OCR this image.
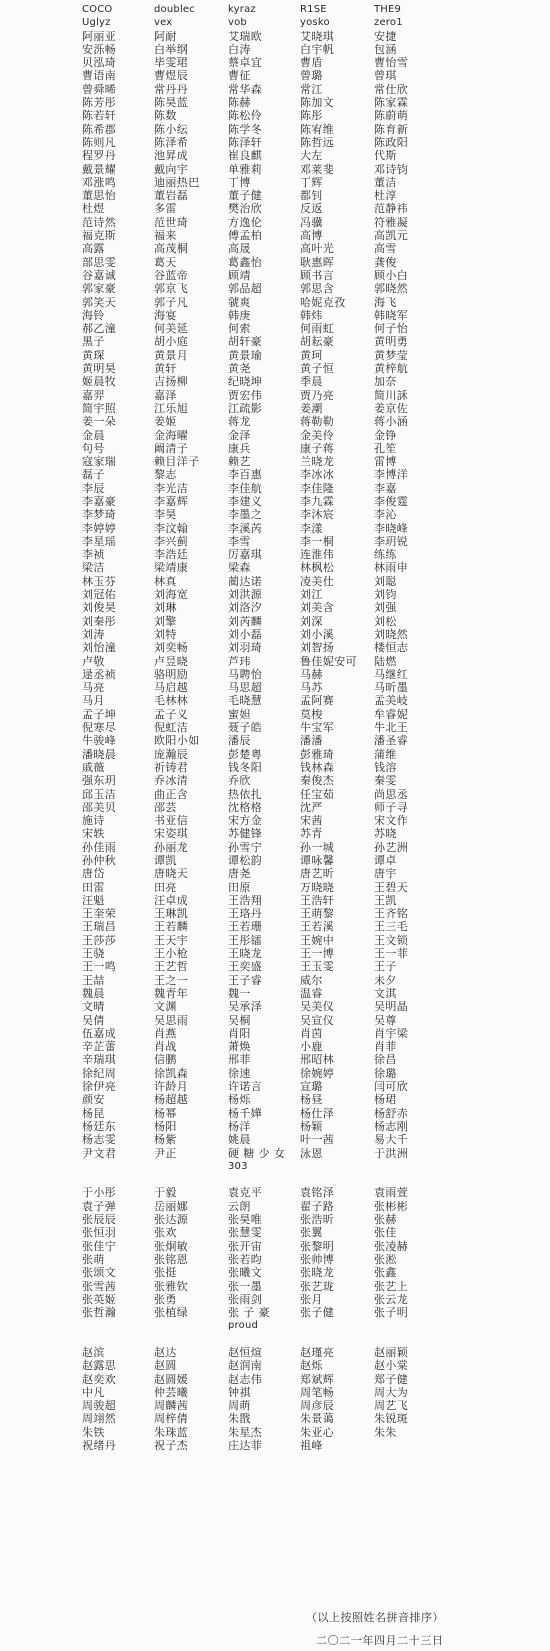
COCO	doublec	kyraz	R1SE	THE9
Uglyz	vex	vob	yosko	zero1
阿丽亚	阿耐	艾瑞欧	艾晓琪	安捷
安泺畅	白举纲	白涛	白宇帆	包涵
贝泓琦	毕雯珺	蔡卓宜	曹盾	曹怡雪
曹语南	曹煜辰	曹征	曾璐	曾琪
曾舜晞	常丹丹	常华森	常江	常仕欣
陈芳彤	陈昊蓝	陈赫	陈加文	陈家霖
陈若轩	陈数	陈松伶	陈彤	陈蔚萌
陈希郡	陈小纭	陈学冬	陈宥维	陈育新
陈则凡	陈泽希	陈泽轩	陈哲远	陈政阳
程罗丹	池昇成	崔良麒	大左	代斯
戴景耀	戴向宇	单雅莉	邓莱斐	邓诗钧
邓涨鸣	迪丽热巴	丁博	丁辉	董洁
董思怡	董岩磊	董子健	都钊	杜淳
杜煜	多雷	樊治欣	反返	范静祎
范诗然	范世琦	方逸伦	冯骥	符雅凝
福克斯	福来	傅孟柏	高博	高凯元
高露	高茂桐	高晟	高叶光	高雪
部思雯	葛天	葛鑫怡	耿惠晖	龚俊
谷嘉诚	谷蓝帝	顾靖	顾书言	顾小白
郭家豪	郭京飞	郭品超	郭思含	郭晓然
郭笑天	郭子凡	虢爽	哈妮克孜	海飞
海铃	海宴	韩庚	韩炜	韩晓军
郝乙潼	何美延	何索	何雨虹	何子怡
黑子	胡小庭	胡轩豪	胡耘豪	黄明勇
黄琛	黄景月	黄景瑜	黄珂	黄梦莹
黄明昊	黄轩	黄尧	黄子恒	黄梓航
姬晨牧	吉扬柳	纪晓坤	季晨	加奈
嘉羿	嘉泽	贾宏伟	贾乃亮	简川訸
简宇照	江乐旭	江疏影	姜潮	姜京佐
姜一朵	姜姬	蒋龙	蒋勒勒	蒋小涵
金晨	金海曜	金泽	金美伶	金铮
句号	阚清子	康兵	康子蒋	孔笙
寇家瑞	赖目洋子	赖艺	兰晓龙	雷博
磊子	黎志	李百惠	李冰冰	李博洋
李辰	李光洁	李佳航	李佳隆	李嘉
李嘉豪	李嘉辉	李建义	李九霖	李俊霆
李梦琦	李昊	李墨之	李沐宸	李沁
李婷婷	李汶翰	李溪芮	李漾	李晓峰
李星瑶	李兴蓟	李雪	李一桐	李玥锐
李祯	李浩廷	厉嘉琪	连淮伟	练练
梁洁	梁靖康	梁森	林枫松	林雨申
林玉芬	林真	蔺达诺	凌美仕	刘聪
刘冠佑	刘海宽	刘洪源	刘江	刘钧
刘俊昊	刘琳	刘洛汐	刘美含	刘强
刘秦彤	刘擎	刘芮麟	刘深	刘松
刘涛	刘特	刘小磊	刘小溪	刘晓然
刘怡潼	刘奕畅	刘羽琦	刘智扬	楼恒志
卢敬	卢昱晓	芦玮	鲁佳妮安可	陆燃
逯丞祯	骆明励	马聘怡	马赫	马继红
马亮	马启越	马思超	马苏	马昕墨
马月	毛林林	毛晓慧	孟阿赛	孟美岐
孟子坤	孟子义	蜜妲	莫梭	牟睿妮
倪寒尽	倪虹洁	聂子皓	牛宝军	牛北王
牛骏峰	欧阳小如	潘辰	潘潘	潘圣睿
潘晓晨	庞瀚辰	彭楚粤	彭雅琦	蒲维
戚薇	祈铸君	钱冬阳	钱林森	钱溶
强东玥	乔冰清	乔欣	秦俊杰	秦雯
邱玉洁	曲正含	热依扎	任宝茹	尚思丞
邵美贝	邵芸	沈格格	沈严	师子寻
施诗	书亚信	宋方金	宋茜	宋文作
宋轶	宋姿琪	苏健锋	苏青	苏晓
孙佳雨	孙丽龙	孙雪宁	孙一城	孙艺洲
孙仲秋	谭凯	谭松韵	谭咏馨	谭卓
唐岱	唐晓天	唐尧	唐艺昕	唐宇
田雷	田亮	田原	万晓晓	王碧天
汪魁	汪卓成	王浩翔	王浩轩	王凯
王奎荣	王琳凯	王珞丹	王萌黎	王齐铭
王瑞昌	王若麟	王若珊	王若溪	王三毛
王莎莎	王天宇	王彤镭	王婉中	王文锁
王骁	王小枪	王晓龙	王一博	王一菲
王一鸣	王艺哲	王奕盛	王玉雯	王子
王喆	王之一	王子睿	威尔	未夕
魏晨	魏青年	魏一	温睿	文淇
文晴	文渊	吴承泽	吴美仪	吴明晶
吴倩	吴思雨	吴桐	吴宣仪	吴尊
伍嘉成	肖燕	肖阳	肖茵	肖宇梁
辛芷蕾	肖战	萧焕	小鹿	肖菲
辛瑞琪	信鹏	邢菲	邢昭林	徐昌
徐纪周	徐凯森	徐速	徐婉婷	徐璐
徐伊亮	许龄月	许诺言	宣璐	闫可欣
颜安	杨超越	杨烁	杨昼	杨珺
杨昆	杨幂	杨千嬅	杨仕泽	杨舒赤
杨廷东	杨阳	杨洋	杨颖	杨志刚
杨志雯	杨紫	姚晨	叶一茜	易大千
尹文君	尹正	硬 糖 少 女	泳恩	于洪洲
303
于小彤	于毅	袁克平	袁铭泽	袁雨萱
袁子弹	岳丽娜	云朗	翟子路	张彬彬
张辰辰	张达源	张昊唯	张浩昕	张赫
张恒羽	张欢	张慧雯	张翼	张佳
张佳宁	张炯敏	张开宙	张黎明	张凌赫
张萌	张铭恩	张若昀	张帅博	张淞
张颂文	张挺	张曦文	张晓龙	张鑫
张雪茜	张雅钦	张一墨	张艺珑	张艺上
张英姬	张勇	张雨剑	张月	张云龙
张哲瀚	张植绿	张 子 豪	张子健	张子明
proud
赵滨	赵达	赵恒煊	赵瑾亮	赵丽颖
赵露思	赵圆	赵润南	赵烁	赵小棠
赵奕欢	赵圆媛	赵志伟	郑斌辉	郑子健
中凡	仲芸曦	钟祺	周笔畅	周大为
周骏超	周麟茜	周萌	周彦辰	周艺飞
周翊然	周梓倩	朱戬	朱景蔼	朱锐斑
朱铁	朱珠蓝	朱星杰	朱亚心	朱朱
祝绪丹	祝子杰	庄达菲	祖峰
（以上按照姓名拼音排序）
二〇二一年四月二十三日
